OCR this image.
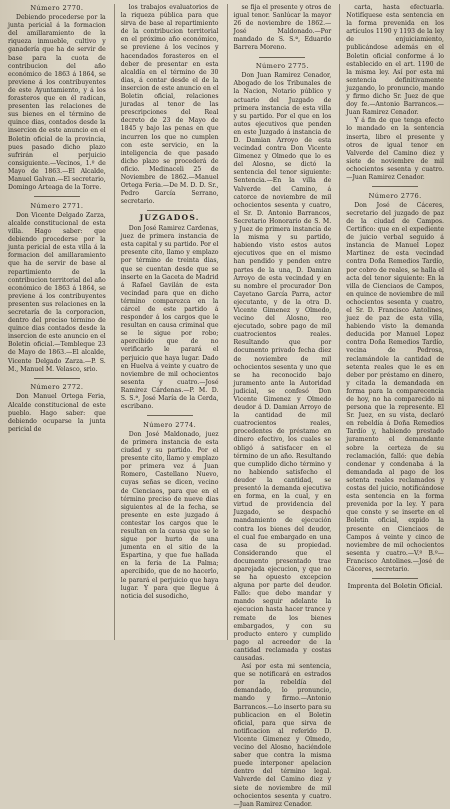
Número 2770.

Debiendo procederse por la junta pericial á la formacion del amillaramiento de la riqueza inmueble, cultivo y ganadería que ha de servir de base para la cuota de contribucion del año económico de 1863 á 1864, se previene á los contribuyentes de este Ayuntamiento, y á los forasteros que en él radican, presenten las relaciones de sus bienes en el término de quince dias, contados desde la insercion de este anuncio en el Boletin oficial de la provincia, pues pasado dicho plazo sufrirán el perjuicio consiguiente.—Vecinos, 1.º de Mayo de 1863.—El Alcalde, Manuel Galvan.—El secretario, Domingo Arteaga de la Torre.

Número 2771.

Don Vicente Delgado Zarza, alcalde constitucional de esta villa. Hago saber: que debiendo procederse por la junta pericial de esta villa á la formacion del amillaramiento que ha de servir de base al repartimiento de la contribucion territorial del año económico de 1863 á 1864, se previene á los contribuyentes presenten sus relaciones en la secretaría de la corporacion, dentro del preciso término de quince dias contados desde la insercion de este anuncio en el Boletin oficial.—Tembleque 23 de Mayo de 1863.—El alcalde, Vicente Delgado Zarza.—P. S. M., Manuel M. Velasco, srio.

Número 2772.

Don Manuel Ortega Feria, Alcalde constitucional de este pueblo. Hago saber: que debiendo ocuparse la junta pericial de

los trabajos evaluatorios de la riqueza pública para que sirva de base al repartimiento de la contribucion territorial en el próximo año económico, se previene á los vecinos y hacendados forasteros en el deber de presentar en esta alcaldía en el término de 30 dias, á contar desde el de la insercion de este anuncio en el Boletin oficial, relaciones juradas al tenor de las prescripciones del Real decreto de 23 de Mayo de 1845 y bajo las penas en que incurren los que no cumplen con este servicio, en la inteligencia de que pasado dicho plazo se procederá de oficio. Medinaceli 25 de Noviembre de 1862.—Manuel Ortega Feria.—De M. D. D. Sr., Pedro García Serrano, secretario.

JUZGADOS.

Don José Ramirez Cardenas, juez de primera instancia de esta capital y su partido. Por el presente cito, llamo y emplazo por término de treinta dias, que se cuentan desde que se inserte en la Gaceta de Madrid á Rafael Gavilán de esta vecindad para que en dicho término comparezca en la cárcel de este partido á responder á los cargos que le resultan en causa criminal que se le sigue por robo; apercibido que de no verificarlo le parará el perjuicio que haya lugar. Dado en Huelva á veinte y cuatro de noviembre de mil ochocientos sesenta y cuatro.—José Ramirez Cárdenas.—P. M. D. S. S.ª, José María de la Cerda, escribano.

Número 2774.

Don José Maldonado, juez de primera instancia de esta ciudad y su partido. Por el presente cito, llamo y emplazo por primera vez á Juan Romero, Castellano Nuevo, cuyas señas se dicen, vecino de Cienciaos, para que en el término preciso de nueve dias siguientes al de la fecha, se presente en este juzgado á contestar los cargos que le resultan en la causa que se le sigue por hurto de una jumenta en el sitio de la Espartina, y que fue hallada en la feria de La Palma; apercibido, que de no hacerlo, le parará el perjuicio que haya lugar. Y para que llegue á noticia del susodicho,

se fija el presente y otros de igual tenor. Sanlúcar la mayor 26 de noviembre de 1862.—José Maldonado.—Por mandado de S. S.ª, Eduardo Barrera Moreno.

Número 2775.

Don Juan Ramirez Cenador, Abogado de los Tribunales de la Nacion, Notario público y actuario del Juzgado de primera instancia de esta villa y su partido. Por el que en los autos ejecutivos que penden en este Juzgado á instancia de D. Damian Arroyo de esta vecindad contra Don Vicente Gimenez y Olmedo que lo es del Alosno, se dictó la sentencia del tenor siguiente: Sentencia.—En la villa de Valverde del Camino, á catorce de noviembre de mil ochocientos sesenta y cuatro, el Sr. D. Antonio Barrancos, Secretario Honorario de S. M. y Juez de primera instancia de la misma y su partido, habiendo visto estos autos ejecutivos que en el mismo han pendido y penden entre partes de la una, D. Damian Arroyo de esta vecindad y en su nombre el procurador Don Cayetano García Parra, actor ejecutante, y de la otra D. Vicente Gimenez y Olmedo, vecino del Alosno, reo ejecutado, sobre pago de mil cuatrocientos reales. Resultando que por documento privado fecha diez de noviembre de mil ochocientos sesenta y uno que se ha reconocido bajo juramento ante la Autoridad judicial, se confesó Don Vicente Gimenez y Olmedo deudor á D. Damian Arroyo de la cantidad de mil cuatrocientos reales, procedentes de préstamo en dinero efectivo, los cuales se obligó á satisfacer en el término de un año. Resultando que cumplido dicho término y no habiendo satisfecho el deudor la cantidad, se presentó la demanda ejecutiva en forma, en la cual, y en virtud de providencia del Juzgado, se despachó mandamiento de ejecución contra los bienes del deudor, el cual fue embargado en una casa de su propiedad. Considerando que el documento presentado trae aparejada ejecucion, y que no se ha opuesto excepcion alguna por parte del deudor. Fallo: que debo mandar y mando seguir adelante la ejecucion hasta hacer trance y remate de los bienes embargados, y con su producto entero y cumplido pago al acreedor de la cantidad reclamada y costas causadas.

Así por esta mi sentencia, que se notificará en estrados por la rebeldía del demandado, lo pronuncio, mando y firmo.—Antonio Barrancos.—Lo inserto para su publicacion en el Boletin oficial, para que sirva de notificacion al referido D. Vicente Gimenez y Olmedo, vecino del Alosno, haciéndole saber que contra la misma puede interponer apelacion dentro del término legal. Valverde del Camino diez y siete de noviembre de mil ochocientos sesenta y cuatro.—Juan Ramirez Cenador.

carta, hasta efectuarla. Notifíquese esta sentencia en la forma prevenida en los artículos 1190 y 1193 de la ley de enjuiciamiento, publicándose además en el Boletin oficial conforme á lo establecido en el art. 1190 de la misma ley. Así por esta mi sentencia definitivamente juzgando, lo pronuncio, mando y firmo dicho Sr. Juez de que doy fe.—Antonio Barrancos.—Juan Ramirez Cenador.

Y á fin de que tenga efecto lo mandado en la sentencia inserta, libro el presente y otros de igual tenor en Valverde del Camino diez y siete de noviembre de mil ochocientos sesenta y cuatro.—Juan Ramirez Cenador.

Número 2776.

Don José de Cáceres, secretario del juzgado de paz de la ciudad de Campos. Certifico: que en el expediente de juicio verbal seguido á instancia de Manuel Lopez Martinez de esta vecindad contra Doña Remedios Tardío, por cobro de reales, se halla el acta del tenor siguiente: En la villa de Cienciaos de Campos, en quince de noviembre de mil ochocientos sesenta y cuatro, el Sr. D. Francisco Antolines, juez de paz de esta villa, habiendo visto la demanda deducida por Manuel Lopez contra Doña Remedios Tardío, vecina de Pedrosa, reclamándole la cantidad de setenta reales que le es en deber por préstamo en dinero, y citada la demandada en forma para la comparecencia de hoy, no ha comparecido ni persona que la represente. El Sr. Juez, en su vista, declaró en rebeldía á Doña Remedios Tardío y, habiendo prestado juramento el demandante sobre la certeza de su reclamación, falló: que debía condenar y condenaba á la demandada al pago de los setenta reales reclamados y costas del juicio, notificándose esta sentencia en la forma prevenida por la ley. Y para que conste y se inserte en el Boletin oficial, expido la presente en Cienciaos de Campos á veinte y cinco de noviembre de mil ochocientos sesenta y cuatro.—V.º B.º—Francisco Antolines.—José de Cáceres, secretario.

Imprenta del Boletin Oficial.
